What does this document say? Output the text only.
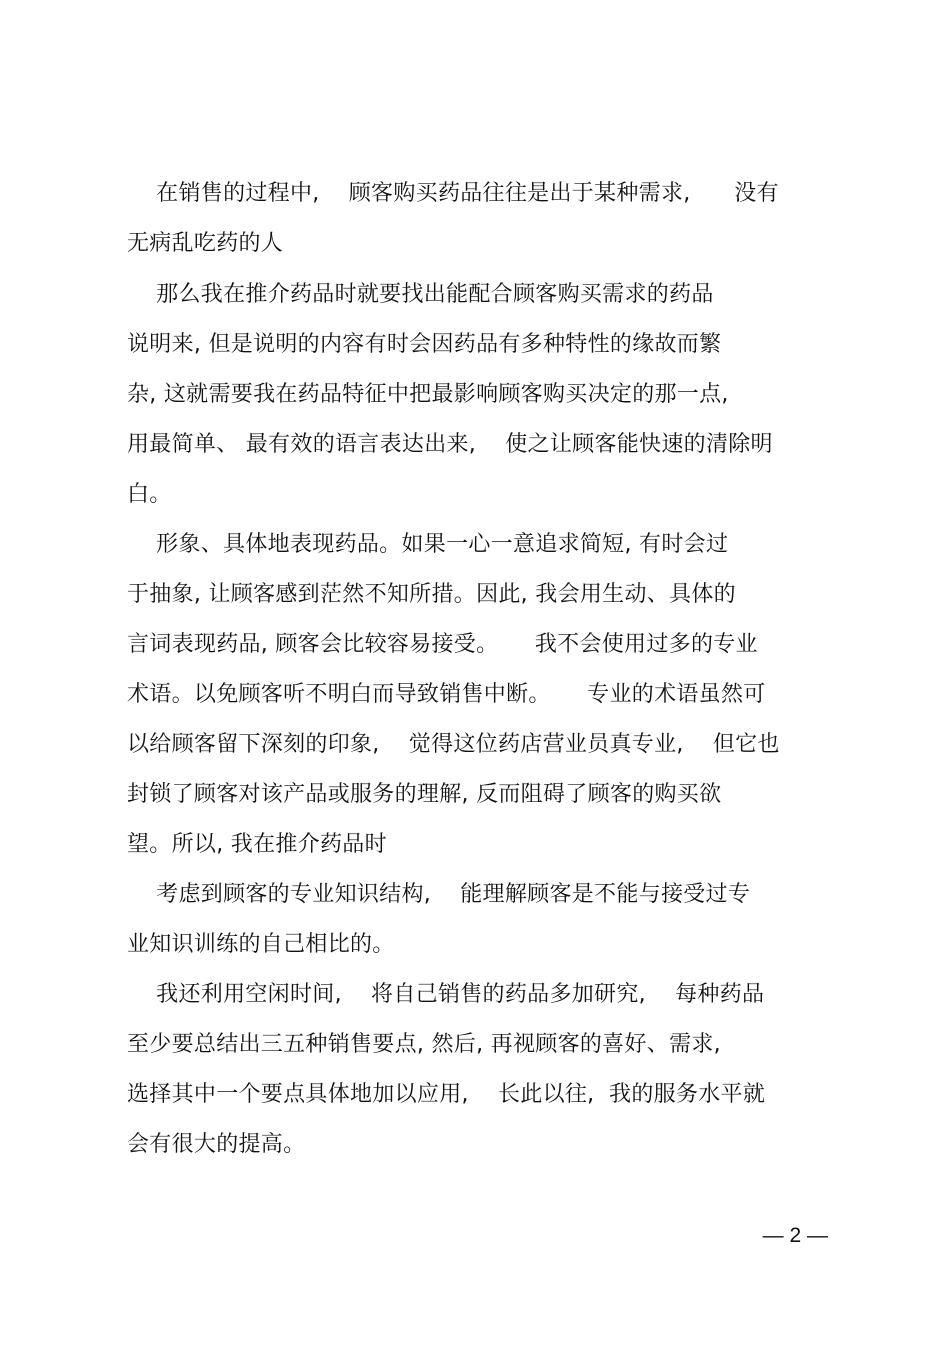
在销售的过程中,    顾客购买药品往往是出于某种需求,      没有
无病乱吃药的人
那么我在推介药品时就要找出能配合顾客购买需求的药品
说明来, 但是说明的内容有时会因药品有多种特性的缘故而繁
杂, 这就需要我在药品特征中把最影响顾客购买决定的那一点,
用最简单、 最有效的语言表达出来,    使之让顾客能快速的清除明
白。
形象、具体地表现药品。如果一心一意追求简短, 有时会过
于抽象, 让顾客感到茫然不知所措。因此, 我会用生动、具体的
言词表现药品, 顾客会比较容易接受。     我不会使用过多的专业
术语。以免顾客听不明白而导致销售中断。     专业的术语虽然可
以给顾客留下深刻的印象,    觉得这位药店营业员真专业,    但它也
封锁了顾客对该产品或服务的理解, 反而阻碍了顾客的购买欲
望。所以, 我在推介药品时
考虑到顾客的专业知识结构,    能理解顾客是不能与接受过专
业知识训练的自己相比的。
我还利用空闲时间,    将自己销售的药品多加研究,    每种药品
至少要总结出三五种销售要点, 然后, 再视顾客的喜好、需求,
选择其中一个要点具体地加以应用,    长此以往,  我的服务水平就
会有很大的提高。
— 2 —
